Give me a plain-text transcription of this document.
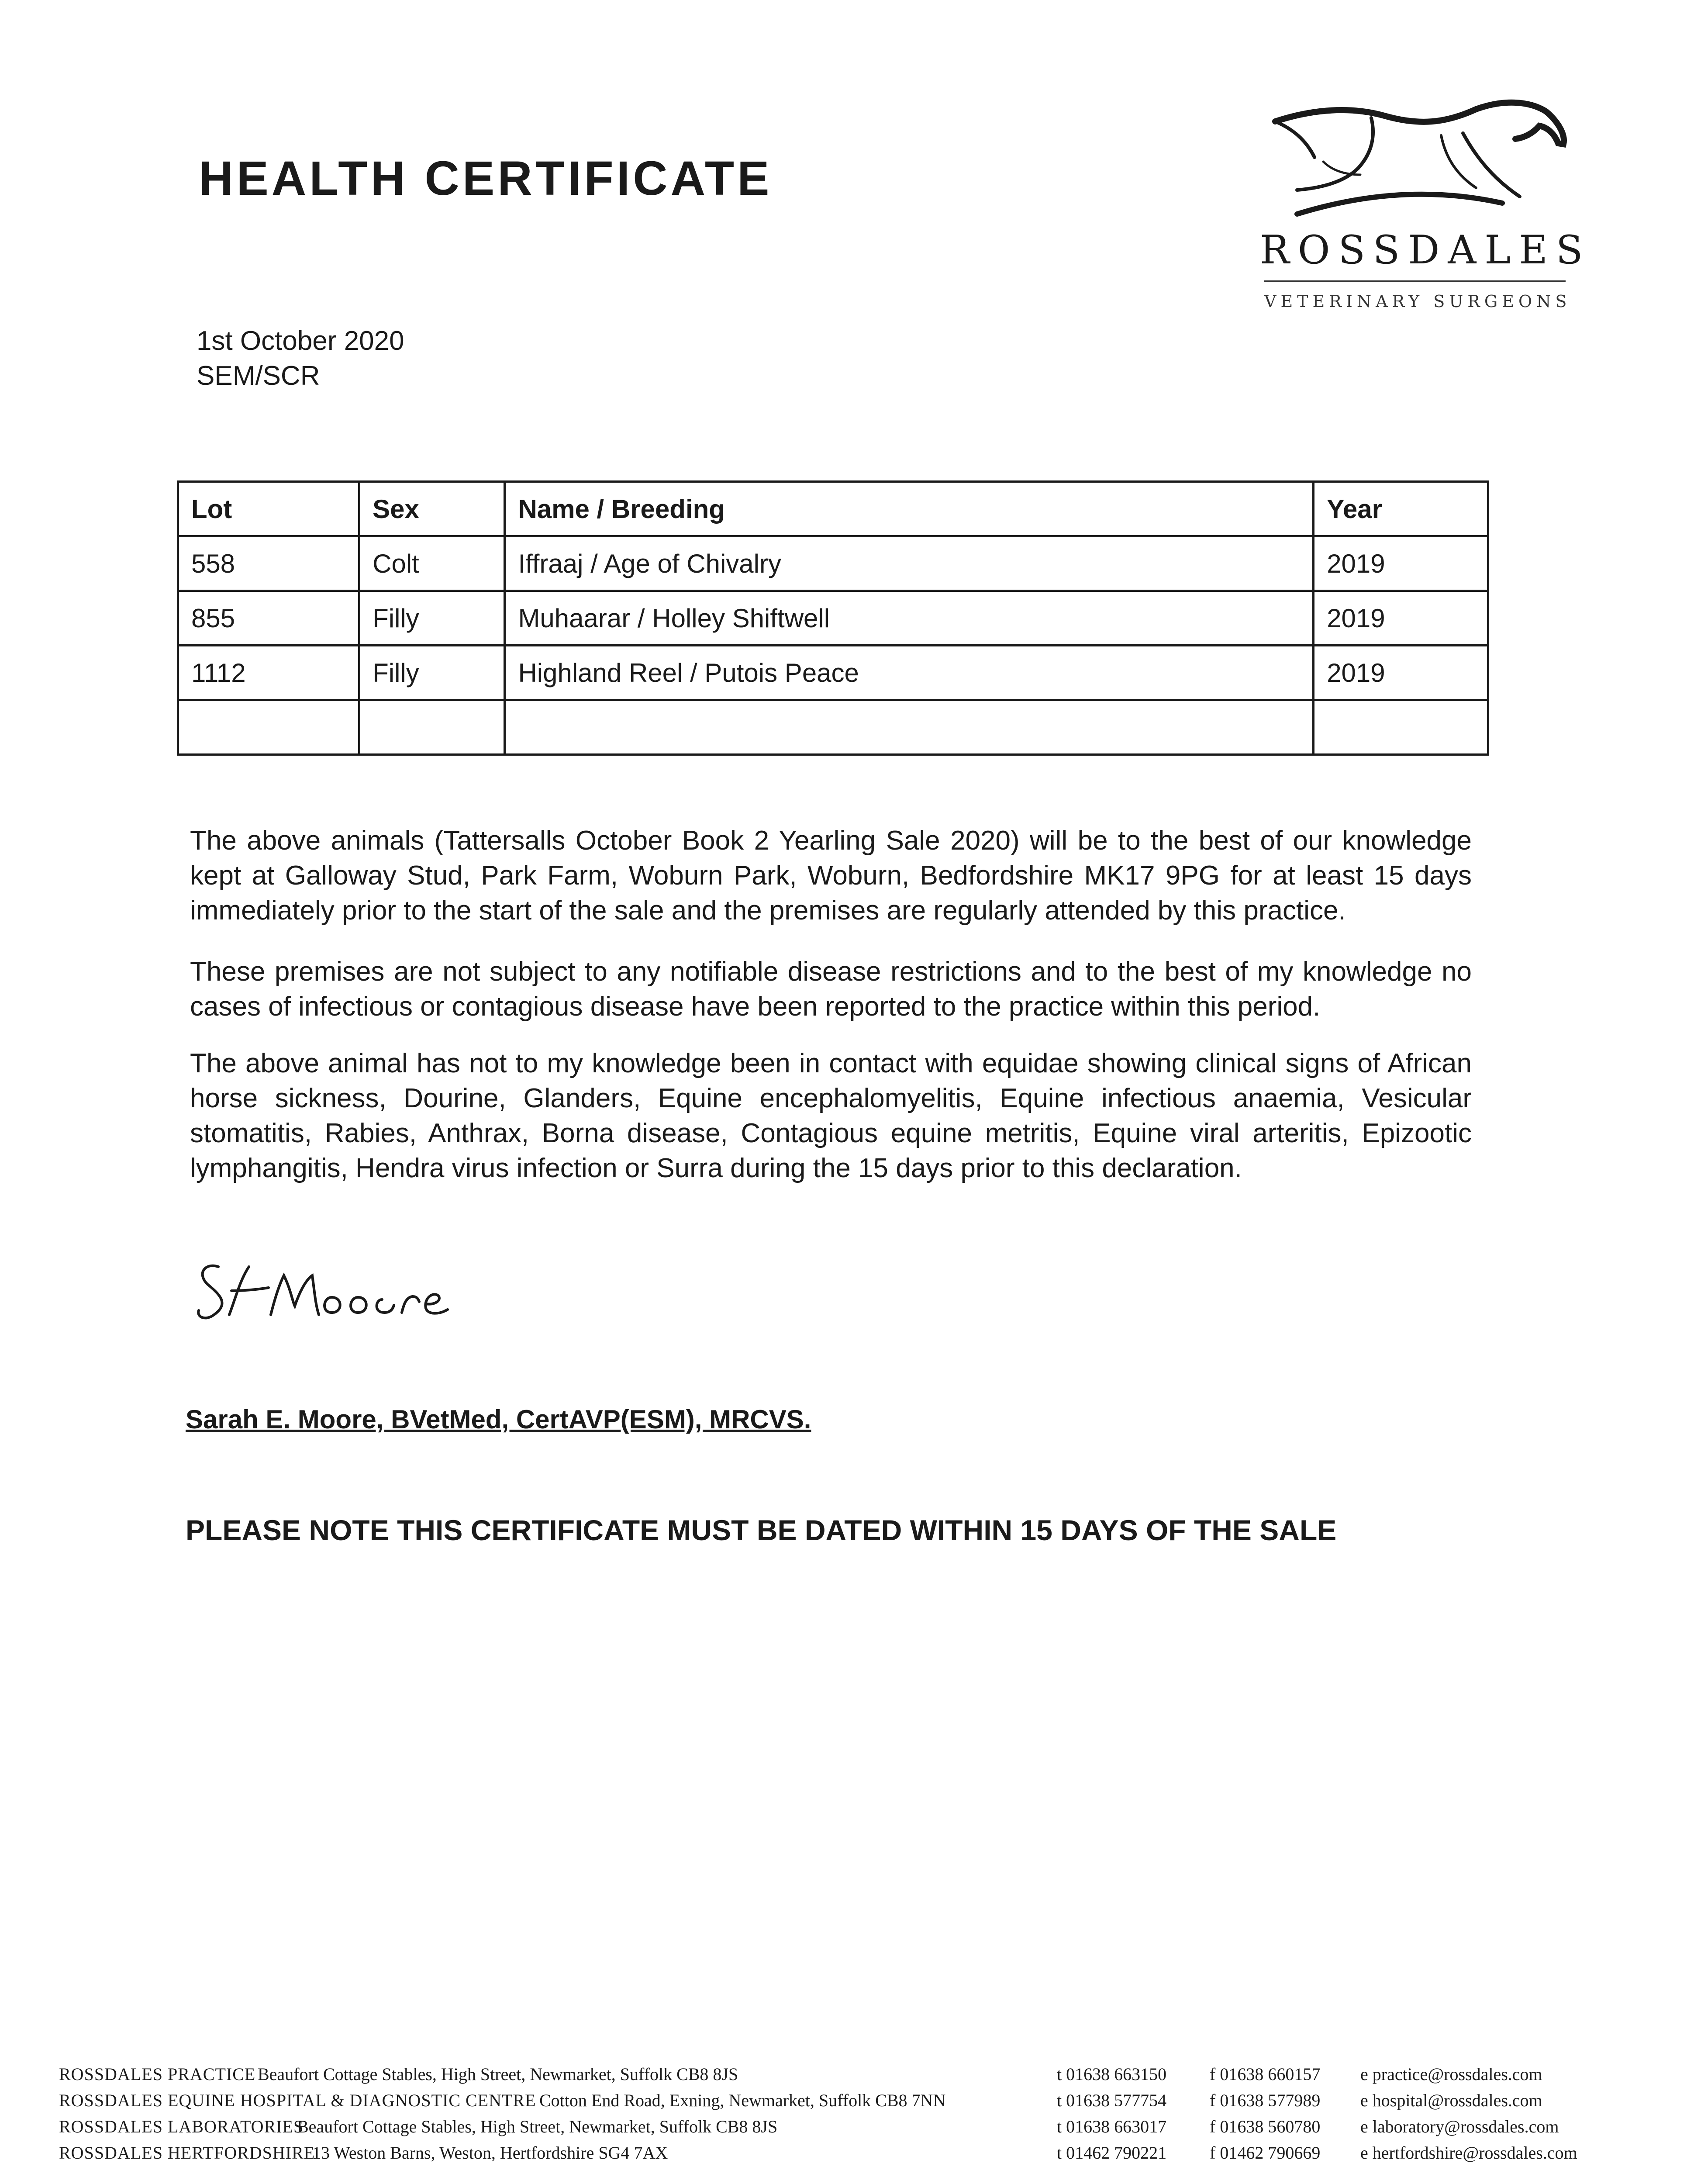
HEALTH CERTIFICATE
ROSSDALES
VETERINARY SURGEONS
1st October 2020
SEM/SCR
Lot	Sex	Name / Breeding	Year
558	Colt	Iffraaj / Age of Chivalry	2019
855	Filly	Muhaarar / Holley Shiftwell	2019
1112	Filly	Highland Reel / Putois Peace	2019

The above animals (Tattersalls October Book 2 Yearling Sale 2020) will be to the best of our knowledge kept at Galloway Stud, Park Farm, Woburn Park, Woburn, Bedfordshire MK17 9PG for at least 15 days immediately prior to the start of the sale and the premises are regularly attended by this practice.
These premises are not subject to any notifiable disease restrictions and to the best of my knowledge no cases of infectious or contagious disease have been reported to the practice within this period.
The above animal has not to my knowledge been in contact with equidae showing clinical signs of African horse sickness, Dourine, Glanders, Equine encephalomyelitis, Equine infectious anaemia, Vesicular stomatitis, Rabies, Anthrax, Borna disease, Contagious equine metritis, Equine viral arteritis, Epizootic lymphangitis, Hendra virus infection or Surra during the 15 days prior to this declaration.
Sarah E. Moore, BVetMed, CertAVP(ESM), MRCVS.
PLEASE NOTE THIS CERTIFICATE MUST BE DATED WITHIN 15 DAYS OF THE SALE
ROSSDALES PRACTICE Beaufort Cottage Stables, High Street, Newmarket, Suffolk CB8 8JS	t 01638 663150 f 01638 660157 e practice@rossdales.com
ROSSDALES EQUINE HOSPITAL & DIAGNOSTIC CENTRE Cotton End Road, Exning, Newmarket, Suffolk CB8 7NN	t 01638 577754 f 01638 577989 e hospital@rossdales.com
ROSSDALES LABORATORIES
Beaufort Cottage Stables, High Street, Newmarket, Suffolk CB8 8JS	t 01638 663017 f 01638 560780 e laboratory@rossdales.com
ROSSDALES HERTFORDSHIRE
13 Weston Barns, Weston, Hertfordshire SG4 7AX	t 01462 790221 f 01462 790669 e hertfordshire@rossdales.com
